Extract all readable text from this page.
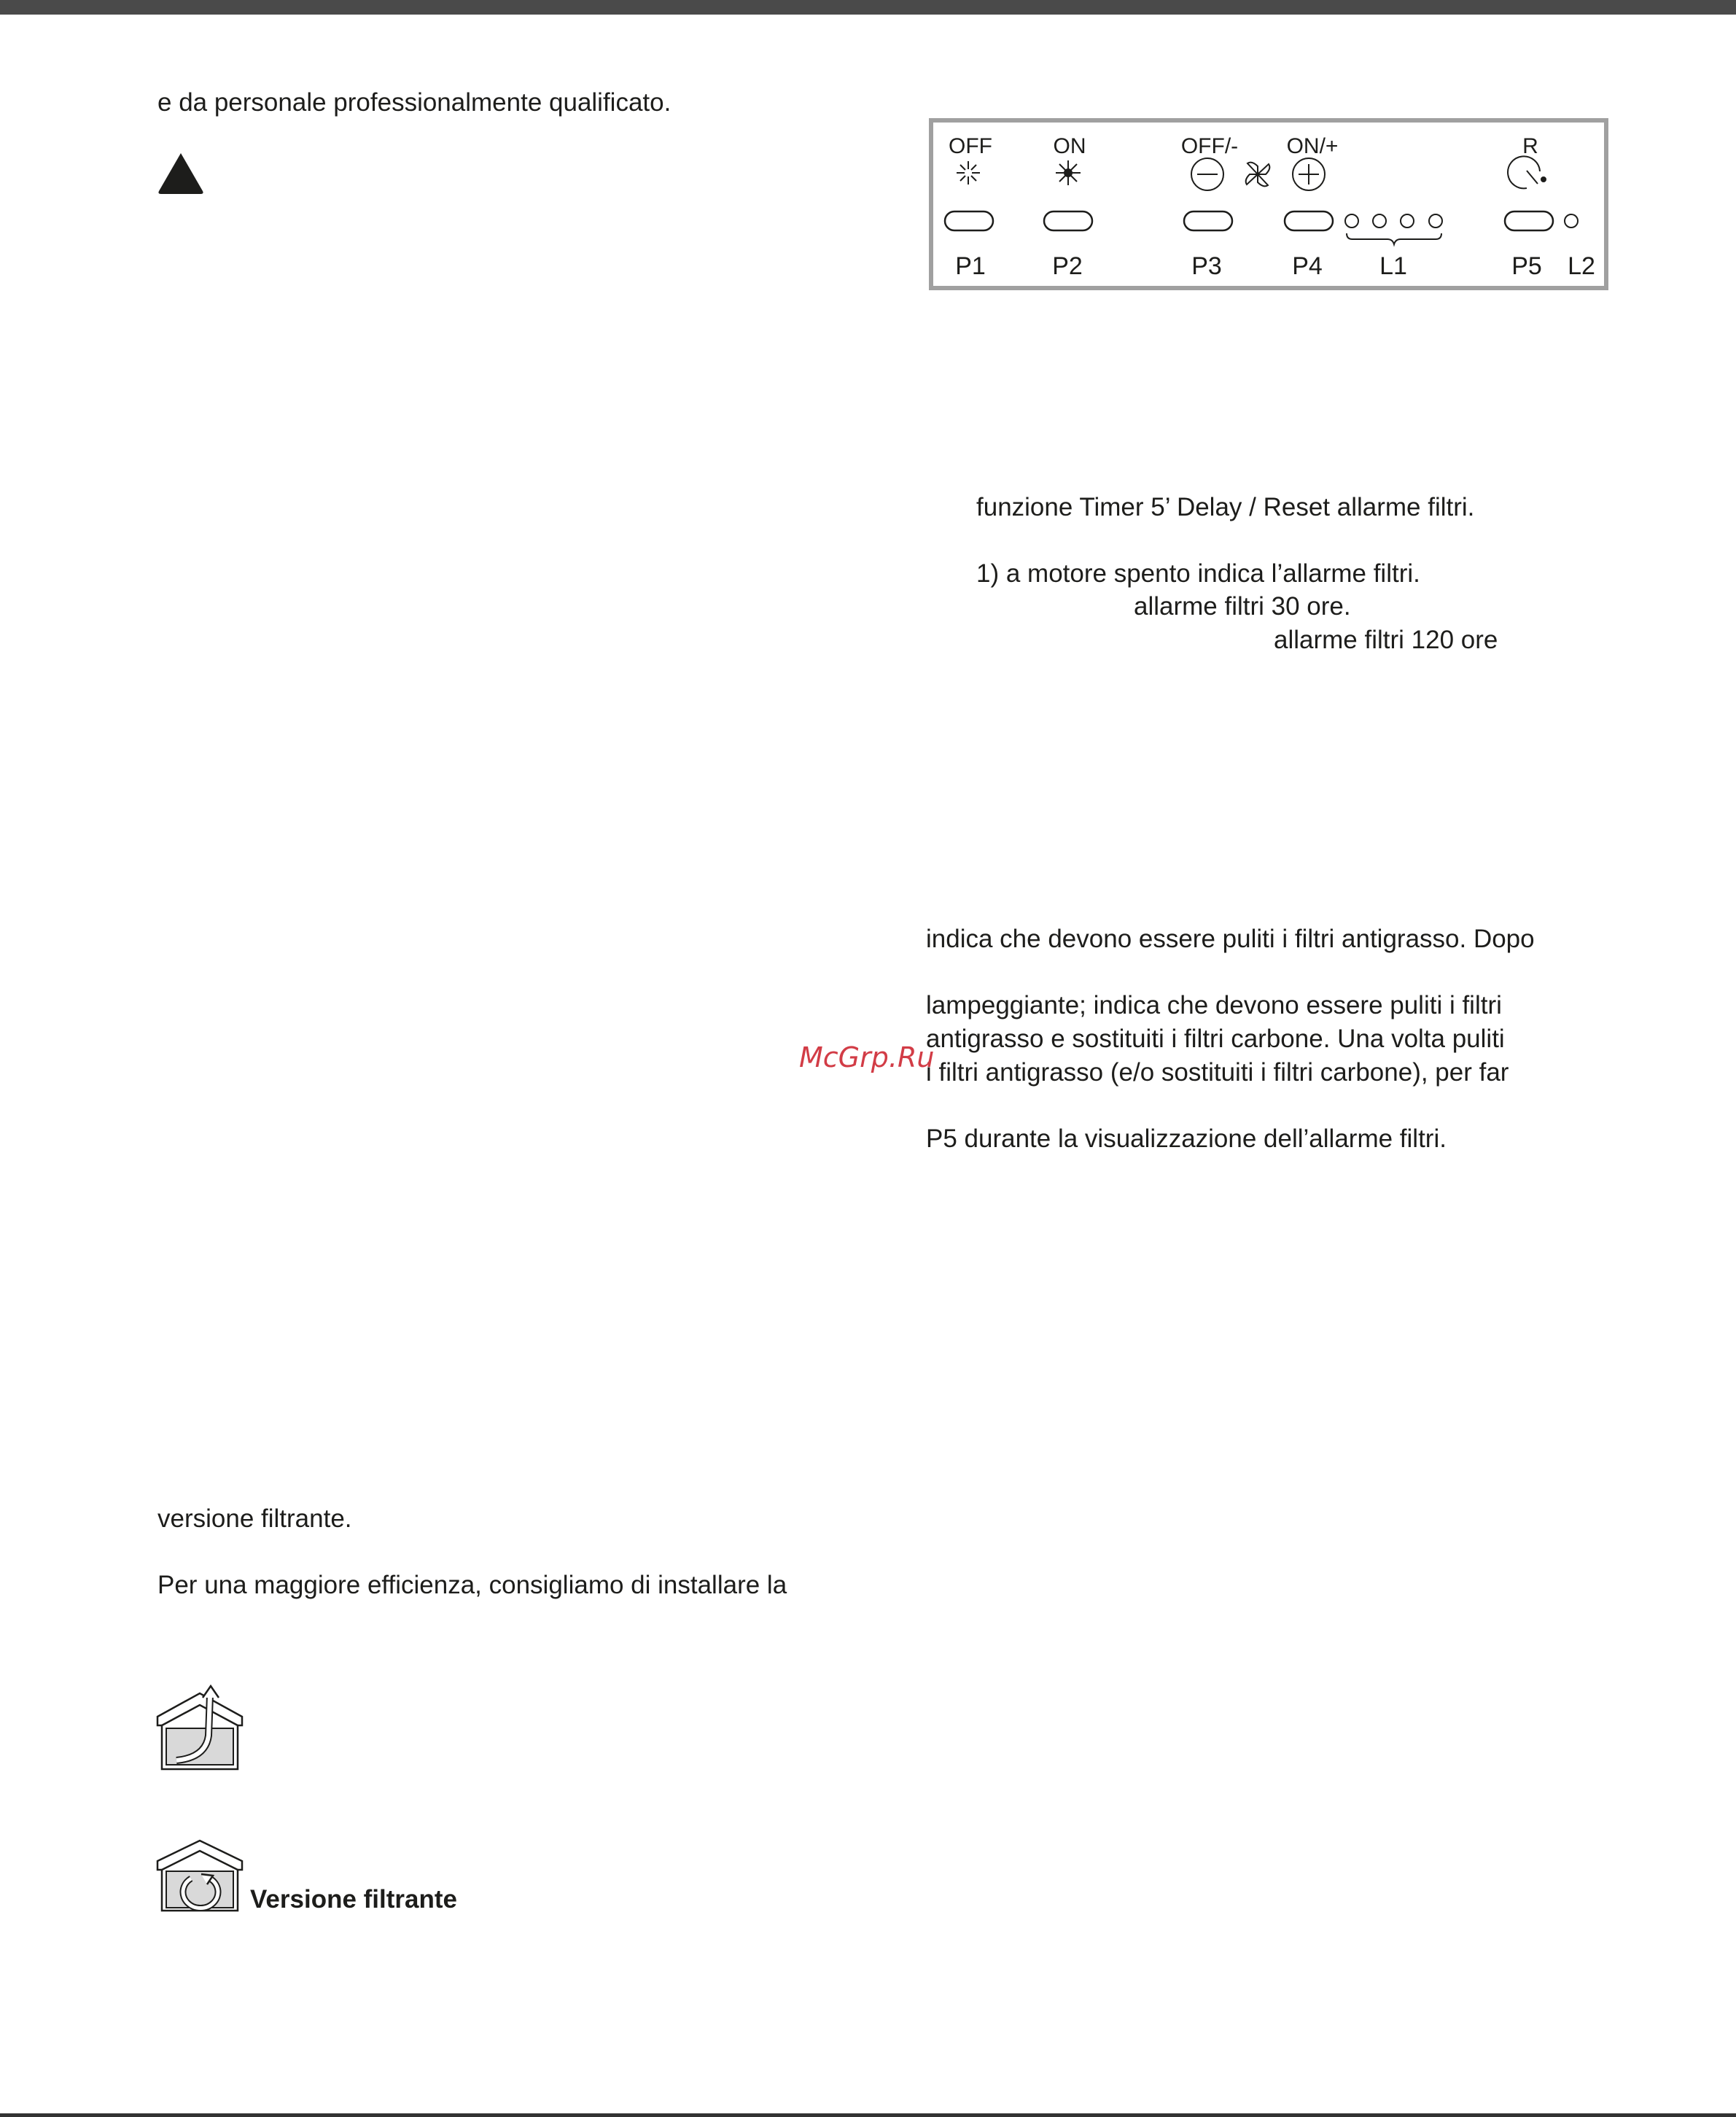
e da personale professionalmente qualificato.
OFF	ON	OFF/- ON/+	R
P1	P2	P3	P4 L1	P5 L2
funzione Timer 5’ Delay / Reset allarme filtri.
1) a motore spento indica l’allarme filtri.
allarme filtri 30 ore.
allarme filtri 120 ore
indica che devono essere puliti i filtri antigrasso. Dopo
lampeggiante; indica che devono essere puliti i filtri
antigrasso e sostituiti i filtri carbone. Una volta puliti
i filtri antigrasso (e/o sostituiti i filtri carbone), per far
P5 durante la visualizzazione dell’allarme filtri.
McGrp.Ru
versione filtrante.
Per una maggiore efficienza, consigliamo di installare la
Versione filtrante
